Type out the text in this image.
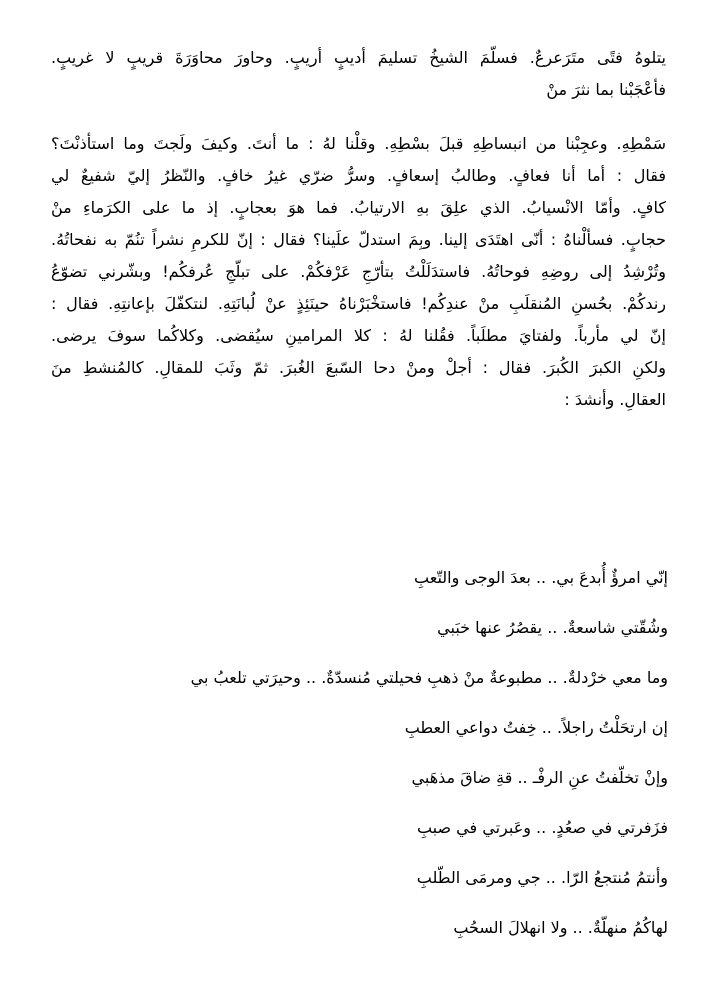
يتلوهُ فتًى متَرَعرعٌ. فسلّمَ الشيخُ تسليمَ أديبٍ أريبٍ. وحاورَ محاوَرَةَ قريبٍ لا غريبٍ.
فأعْجَبْنا بما نثرَ منْ
سَمْطِهِ. وعجِبْنا من انبساطِهِ قبلَ بسْطِهِ. وقلْنا لهُ : ما أنتَ. وكيفَ ولَجتَ وما استأذنْتَ؟
فقال : أما أنا فعافٍ. وطالبُ إسعافٍ. وسرُّ ضرّي غيرُ خافٍ. والنّظرُ إليّ شفيعٌ لي
كافٍ. وأمّا الانْسيابُ. الذي علِقَ بهِ الارتيابُ. فما هوَ بعجابٍ. إذ ما على الكرَماءِ منْ
حجابٍ. فسألْناهُ : أنّى اهتَدَى إلينا. وبِمَ استدلّ علَينا؟ فقال : إنّ للكرمِ نشراً تنُمّ به نفحاتُهُ.
وتُرْشِدُ إلى روضِهِ فوحاتُهُ. فاستدَلَلْتُ بتأرّجِ عَرْفكُمْ. على تبلّجِ عُرفكُم! وبشّرني تضوّعُ
رندكُمْ. بحُسنِ المُنقلَبِ منْ عندِكُم! فاستخْبَرْناهُ حينَئِذٍ عنْ لُبانَتِهِ. لنتكفّلَ بإعانتِهِ. فقال :
إنّ لي مأرباً. ولفتايَ مطلَباً. فقُلنا لهُ : كلا المرامينِ سيُقضى. وكلاكُما سوفَ يرضى.
ولكنِ الكبرَ الكُبرَ. فقال : أجلْ ومنْ دحا السّبعَ الغُبرَ. ثمّ وثَبَ للمقالِ. كالمُنشطِ منَ
العقالِ. وأنشدَ :
إنّي امرؤٌ أُبدعَ بي. .. بعدَ الوجى والتّعبِ
وشُقّتي شاسعةٌ. .. يقصُرُ عنها خبَبي
وما معي خرْدلةٌ. .. مطبوعةٌ منْ ذهبِ فحيلتي مُنسدّةٌ. .. وحيرَتي تلعبُ بي
إن ارتحَلْتُ راجلاً. .. خِفتُ دواعي العطبِ
وإنْ تخلّفتُ عنِ الرفْـ .. قةِ ضاقَ مذهَبي
فزَفرتي في صعُدٍ. .. وعَبرتي في صببِ
وأنتمُ مُنتجعُ الرّا. .. جي ومرمَى الطّلبِ
لهاكُمُ منهلّةٌ. .. ولا انهلالَ السحُبِ
